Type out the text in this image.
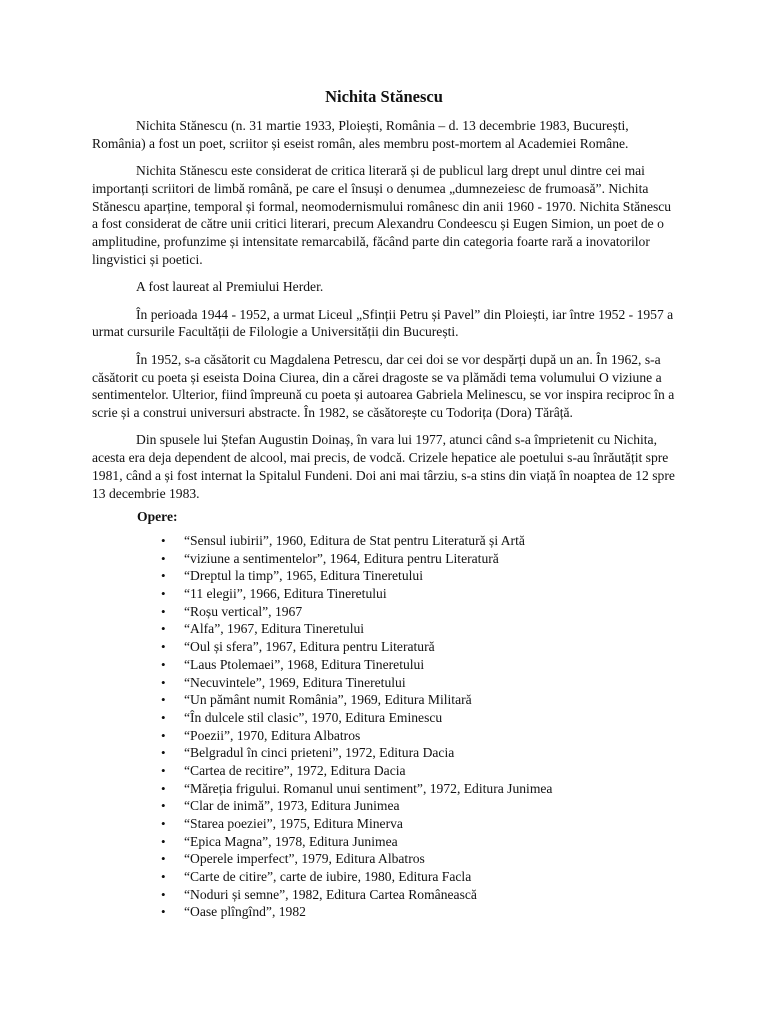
Nichita Stănescu

Nichita Stănescu (n. 31 martie 1933, Ploiești, România – d. 13 decembrie 1983, București, România) a fost un poet, scriitor și eseist român, ales membru post-mortem al Academiei Române.

Nichita Stănescu este considerat de critica literară și de publicul larg drept unul dintre cei mai importanți scriitori de limbă română, pe care el însuși o denumea „dumnezeiesc de frumoasă”. Nichita Stănescu aparține, temporal și formal, neomodernismului românesc din anii 1960 - 1970. Nichita Stănescu a fost considerat de către unii critici literari, precum Alexandru Condeescu și Eugen Simion, un poet de o amplitudine, profunzime și intensitate remarcabilă, făcând parte din categoria foarte rară a inovatorilor lingvistici și poetici.

A fost laureat al Premiului Herder.

În perioada 1944 - 1952, a urmat Liceul „Sfinții Petru și Pavel” din Ploiești, iar între 1952 - 1957 a urmat cursurile Facultății de Filologie a Universității din București.

În 1952, s-a căsătorit cu Magdalena Petrescu, dar cei doi se vor despărți după un an. În 1962, s-a căsătorit cu poeta și eseista Doina Ciurea, din a cărei dragoste se va plămădi tema volumului O viziune a sentimentelor. Ulterior, fiind împreună cu poeta și autoarea Gabriela Melinescu, se vor inspira reciproc în a scrie și a construi universuri abstracte. În 1982, se căsătorește cu Todorița (Dora) Tărâță.

Din spusele lui Ștefan Augustin Doinaș, în vara lui 1977, atunci când s-a împrietenit cu Nichita, acesta era deja dependent de alcool, mai precis, de vodcă. Crizele hepatice ale poetului s-au înrăutățit spre 1981, când a și fost internat la Spitalul Fundeni. Doi ani mai târziu, s-a stins din viață în noaptea de 12 spre 13 decembrie 1983.

Opere:
• “Sensul iubirii”, 1960, Editura de Stat pentru Literatură și Artă
• “viziune a sentimentelor”, 1964, Editura pentru Literatură
• “Dreptul la timp”, 1965, Editura Tineretului
• “11 elegii”, 1966, Editura Tineretului
• “Roșu vertical”, 1967
• “Alfa”, 1967, Editura Tineretului
• “Oul și sfera”, 1967, Editura pentru Literatură
• “Laus Ptolemaei”, 1968, Editura Tineretului
• “Necuvintele”, 1969, Editura Tineretului
• “Un pământ numit România”, 1969, Editura Militară
• “În dulcele stil clasic”, 1970, Editura Eminescu
• “Poezii”, 1970, Editura Albatros
• “Belgradul în cinci prieteni”, 1972, Editura Dacia
• “Cartea de recitire”, 1972, Editura Dacia
• “Măreția frigului. Romanul unui sentiment”, 1972, Editura Junimea
• “Clar de inimă”, 1973, Editura Junimea
• “Starea poeziei”, 1975, Editura Minerva
• “Epica Magna”, 1978, Editura Junimea
• “Operele imperfect”, 1979, Editura Albatros
• “Carte de citire”, carte de iubire, 1980, Editura Facla
• “Noduri și semne”, 1982, Editura Cartea Românească
• “Oase plîngînd”, 1982
